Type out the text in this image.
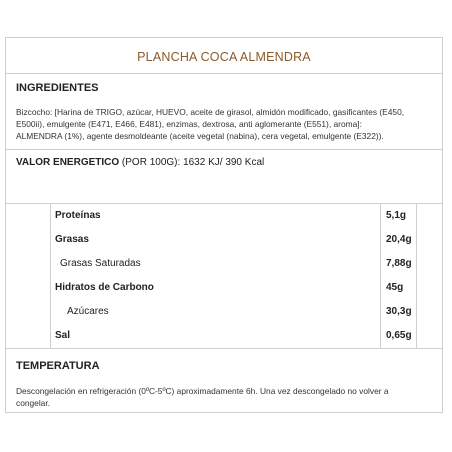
PLANCHA COCA ALMENDRA
INGREDIENTES
Bizcocho: [Harina de TRIGO, azúcar, HUEVO, aceite de girasol, almidón modificado, gasificantes (E450,
E500ii), emulgente (E471, E466, E481), enzimas, dextrosa, anti aglomerante (E551), aroma]:
ALMENDRA (1%), agente desmoldeante (aceite vegetal (nabina), cera vegetal, emulgente (E322)).
VALOR ENERGETICO (POR 100G): 1632 KJ/ 390 Kcal
Proteínas	5,1g
Grasas	20,4g
Grasas Saturadas	7,88g
Hidratos de Carbono	45g
Azúcares	30,3g
Sal	0,65g
TEMPERATURA
Descongelación en refrigeración (0ºC-5ºC) aproximadamente 6h. Una vez descongelado no volver a
congelar.
